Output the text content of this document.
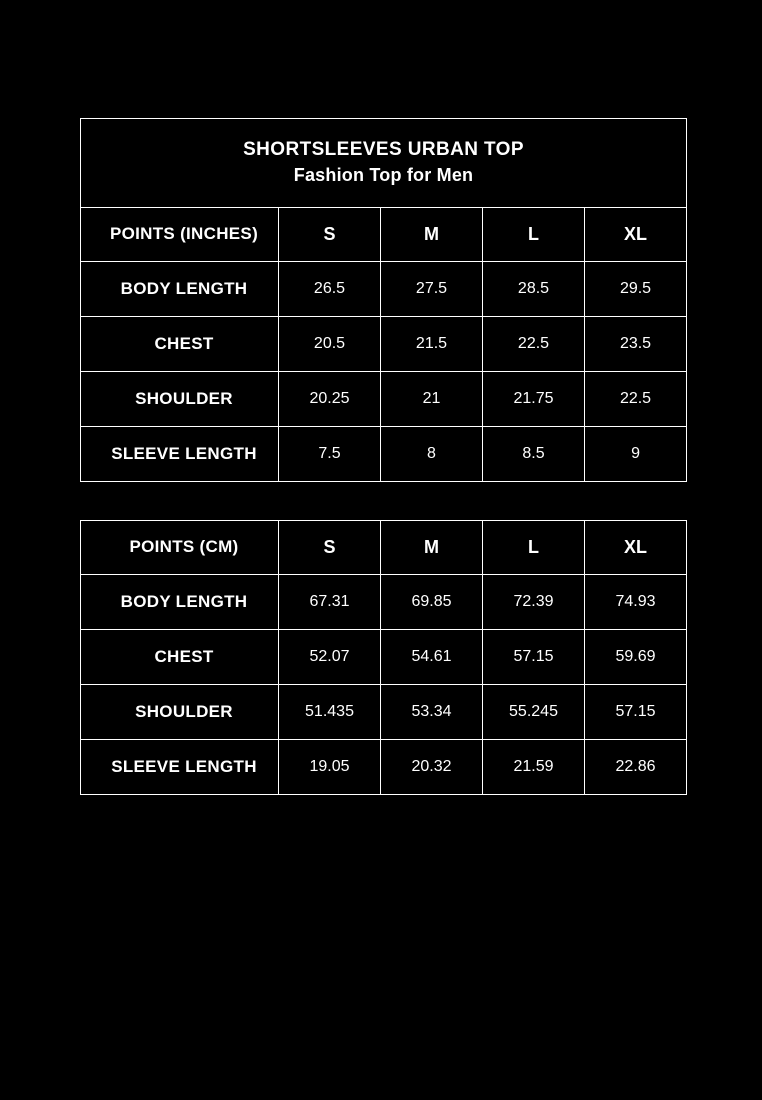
SHORTSLEEVES URBAN TOP
Fashion Top for Men				

POINTS (INCHES)	S	M	L	XL
BODY LENGTH	26.5	27.5	28.5	29.5
CHEST	20.5	21.5	22.5	23.5
SHOULDER	20.25	21	21.75	22.5
SLEEVE LENGTH	7.5	8	8.5	9
POINTS (CM)	S	M	L	XL
BODY LENGTH	67.31	69.85	72.39	74.93
CHEST	52.07	54.61	57.15	59.69
SHOULDER	51.435	53.34	55.245	57.15
SLEEVE LENGTH	19.05	20.32	21.59	22.86
